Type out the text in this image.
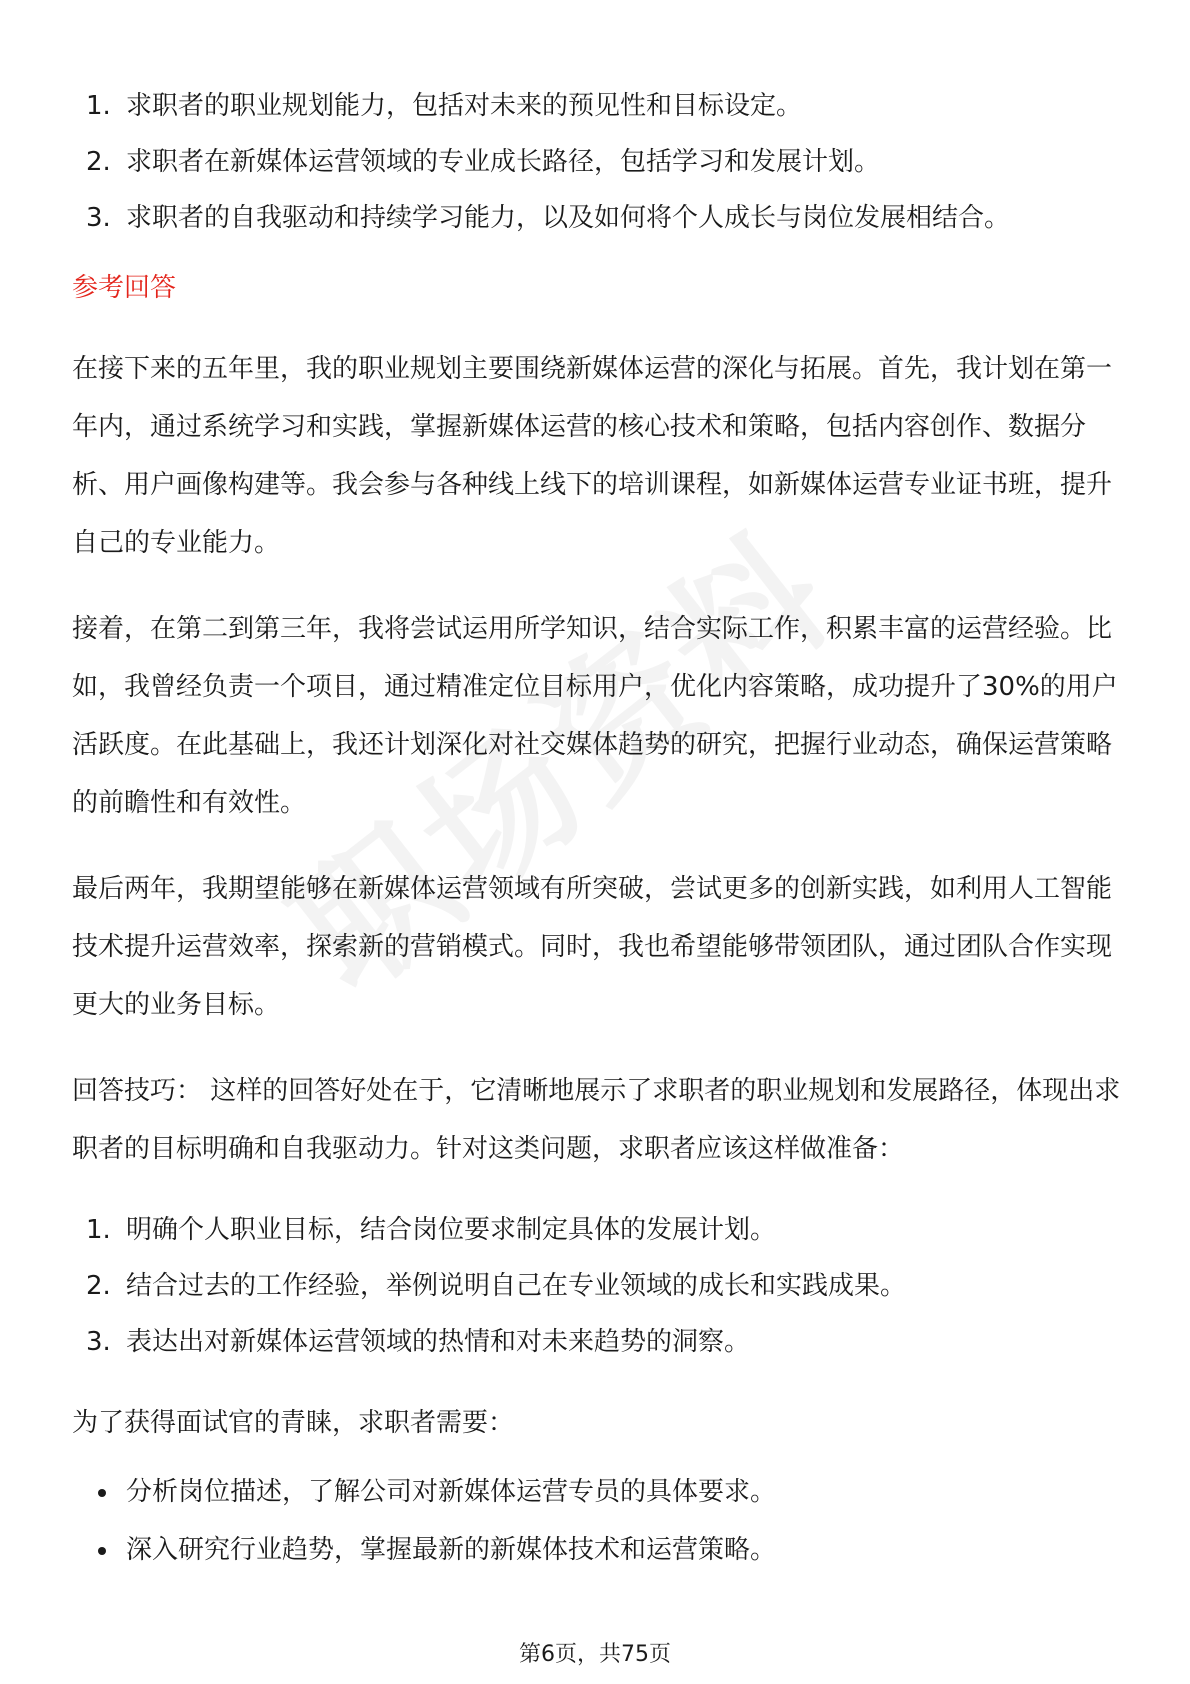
1. 求职者的职业规划能力，包括对未来的预见性和目标设定。
2. 求职者在新媒体运营领域的专业成长路径，包括学习和发展计划。
3. 求职者的自我驱动和持续学习能力，以及如何将个人成长与岗位发展相结合。
参考回答

在接下来的五年里，我的职业规划主要围绕新媒体运营的深化与拓展。首先，我计划在第一年内，通过系统学习和实践，掌握新媒体运营的核心技术和策略，包括内容创作、数据分析、用户画像构建等。我会参与各种线上线下的培训课程，如新媒体运营专业证书班，提升自己的专业能力。

接着，在第二到第三年，我将尝试运用所学知识，结合实际工作，积累丰富的运营经验。比如，我曾经负责一个项目，通过精准定位目标用户，优化内容策略，成功提升了30%的用户活跃度。在此基础上，我还计划深化对社交媒体趋势的研究，把握行业动态，确保运营策略的前瞻性和有效性。

最后两年，我期望能够在新媒体运营领域有所突破，尝试更多的创新实践，如利用人工智能技术提升运营效率，探索新的营销模式。同时，我也希望能够带领团队，通过团队合作实现更大的业务目标。

回答技巧： 这样的回答好处在于，它清晰地展示了求职者的职业规划和发展路径，体现出求职者的目标明确和自我驱动力。针对这类问题，求职者应该这样做准备：

1. 明确个人职业目标，结合岗位要求制定具体的发展计划。
2. 结合过去的工作经验，举例说明自己在专业领域的成长和实践成果。
3. 表达出对新媒体运营领域的热情和对未来趋势的洞察。

为了获得面试官的青睐，求职者需要：

分析岗位描述，了解公司对新媒体运营专员的具体要求。
深入研究行业趋势，掌握最新的新媒体技术和运营策略。
第6页，共75页
